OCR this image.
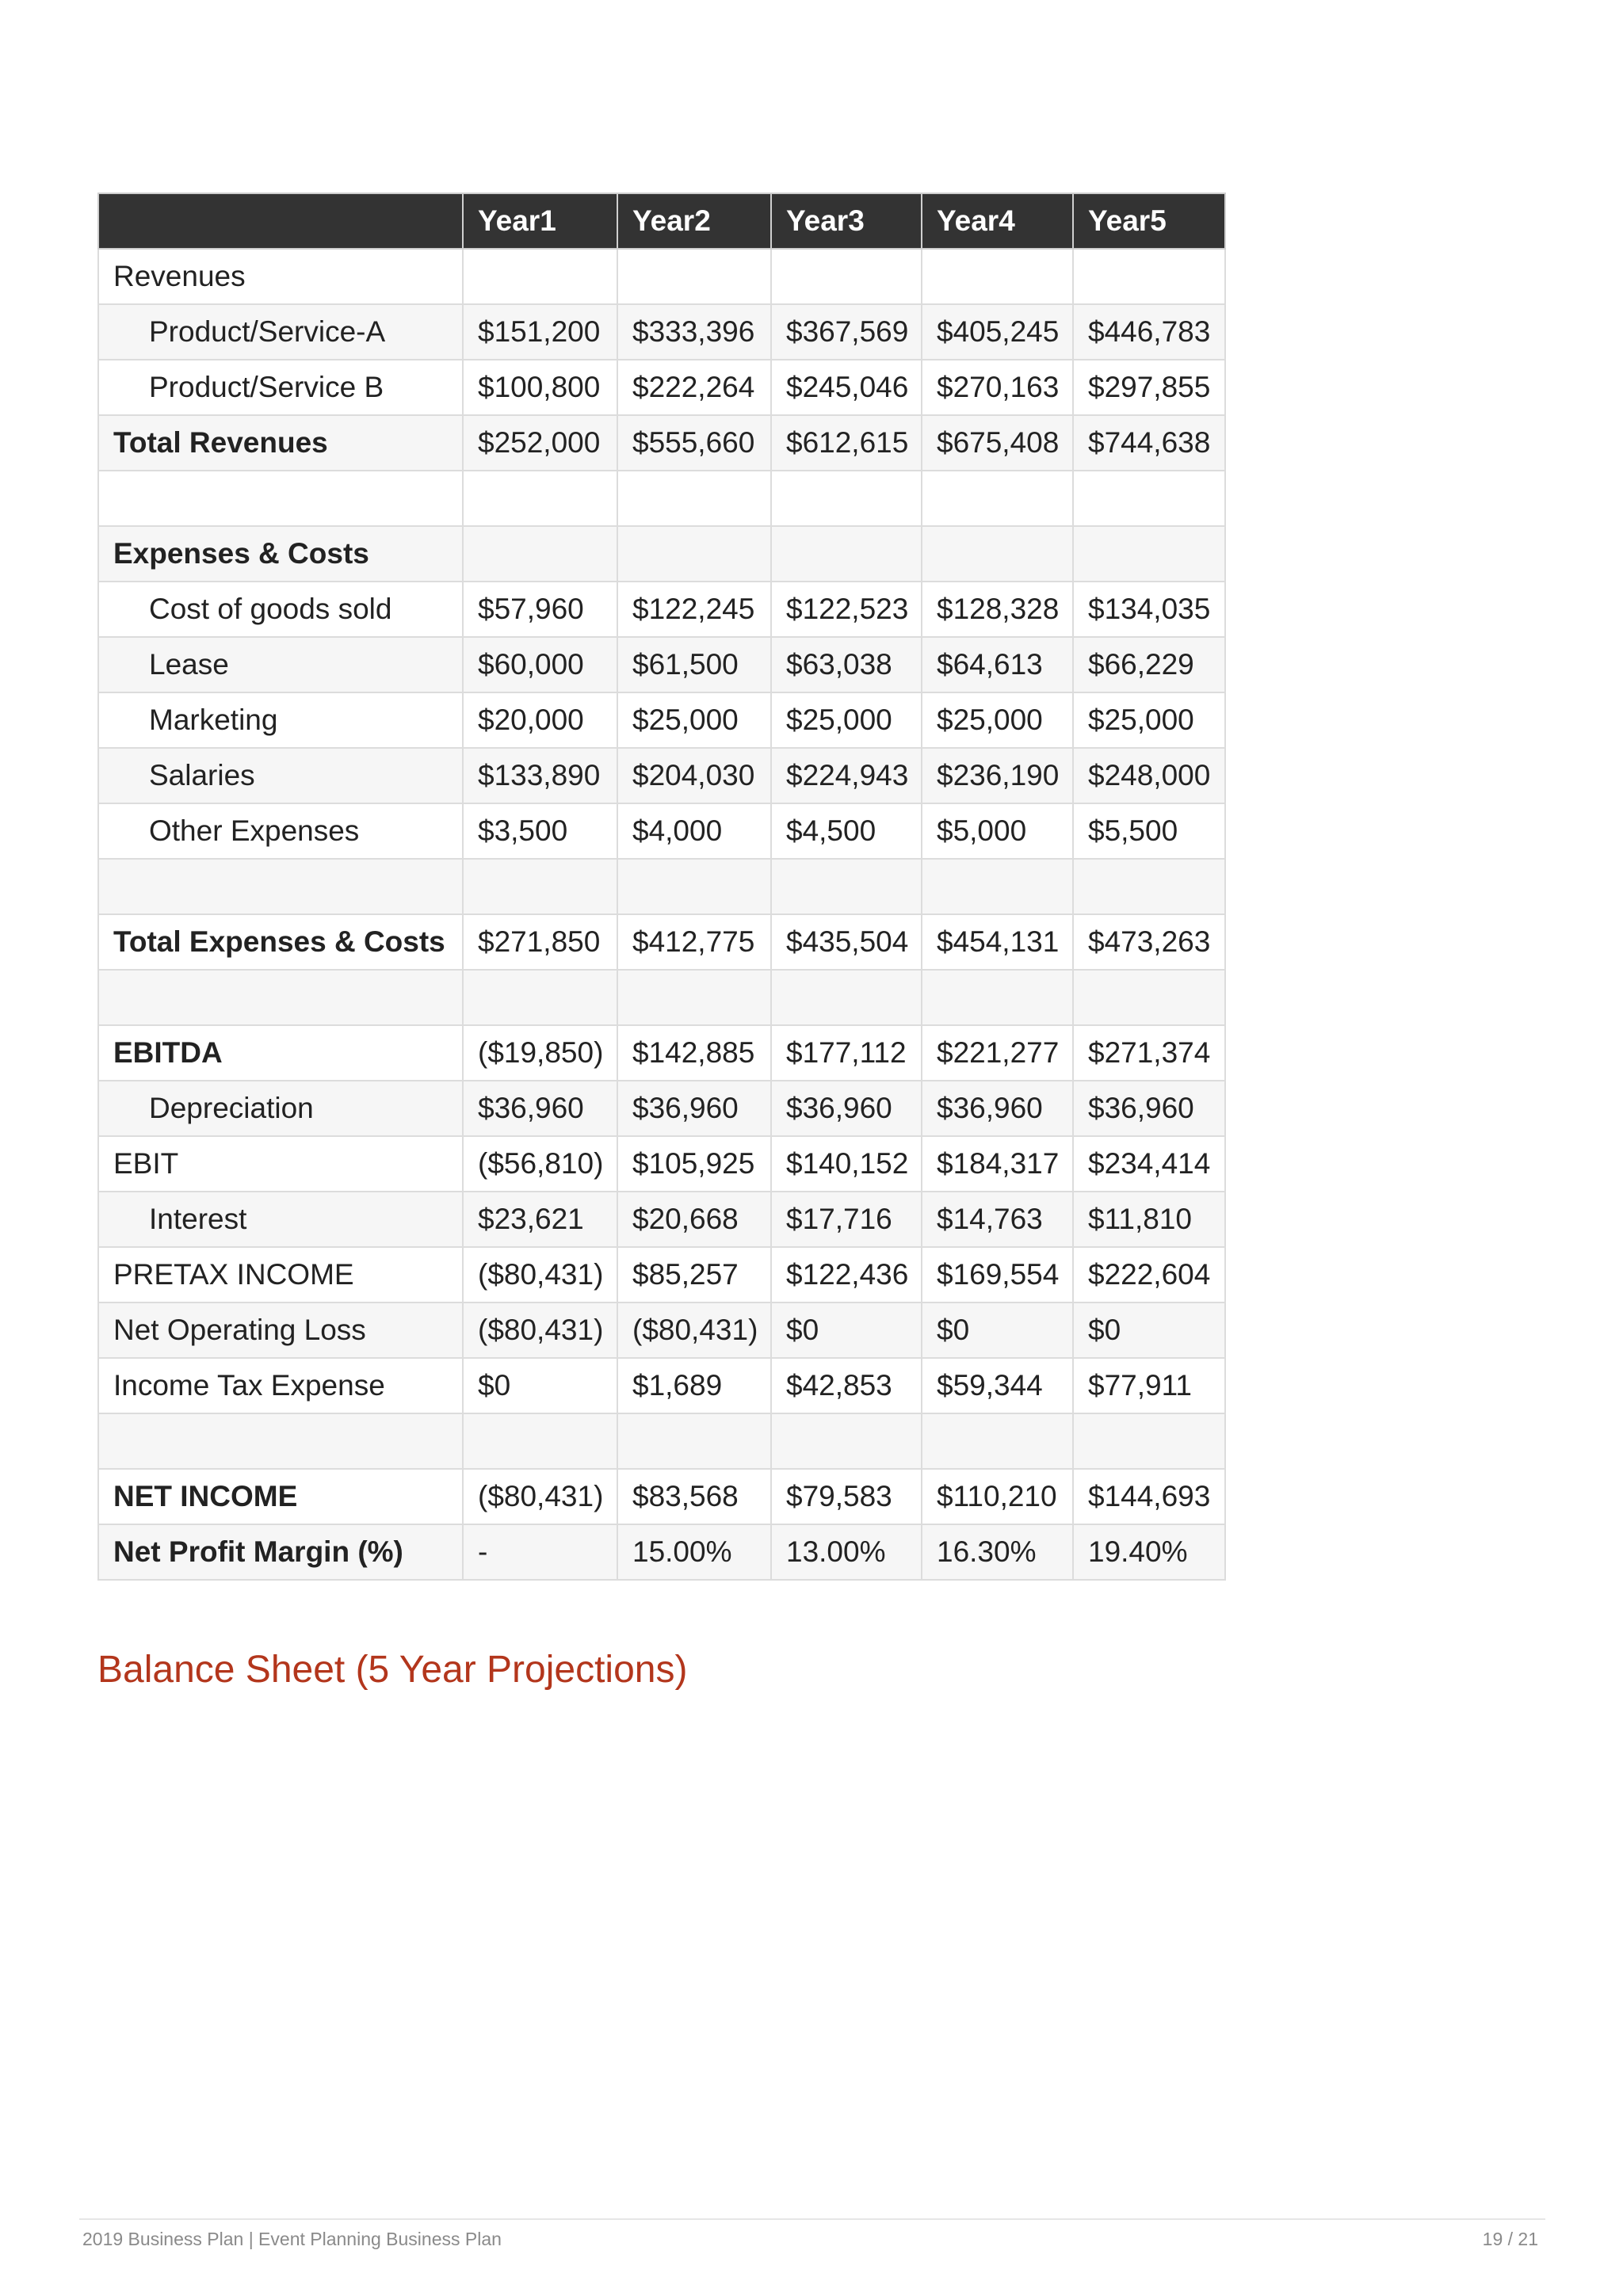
	Year1	Year2	Year3	Year4	Year5
Revenues					
Product/Service-A	$151,200	$333,396	$367,569	$405,245	$446,783
Product/Service B	$100,800	$222,264	$245,046	$270,163	$297,855
Total Revenues	$252,000	$555,660	$612,615	$675,408	$744,638

Expenses & Costs					
Cost of goods sold	$57,960	$122,245	$122,523	$128,328	$134,035
Lease	$60,000	$61,500	$63,038	$64,613	$66,229
Marketing	$20,000	$25,000	$25,000	$25,000	$25,000
Salaries	$133,890	$204,030	$224,943	$236,190	$248,000
Other Expenses	$3,500	$4,000	$4,500	$5,000	$5,500

Total Expenses & Costs	$271,850	$412,775	$435,504	$454,131	$473,263

EBITDA	($19,850)	$142,885	$177,112	$221,277	$271,374
Depreciation	$36,960	$36,960	$36,960	$36,960	$36,960
EBIT	($56,810)	$105,925	$140,152	$184,317	$234,414
Interest	$23,621	$20,668	$17,716	$14,763	$11,810
PRETAX INCOME	($80,431)	$85,257	$122,436	$169,554	$222,604
Net Operating Loss	($80,431)	($80,431)	$0	$0	$0
Income Tax Expense	$0	$1,689	$42,853	$59,344	$77,911

NET INCOME	($80,431)	$83,568	$79,583	$110,210	$144,693
Net Profit Margin (%)	-	15.00%	13.00%	16.30%	19.40%
Balance Sheet (5 Year Projections)
2019 Business Plan | Event Planning Business Plan	19 / 21
